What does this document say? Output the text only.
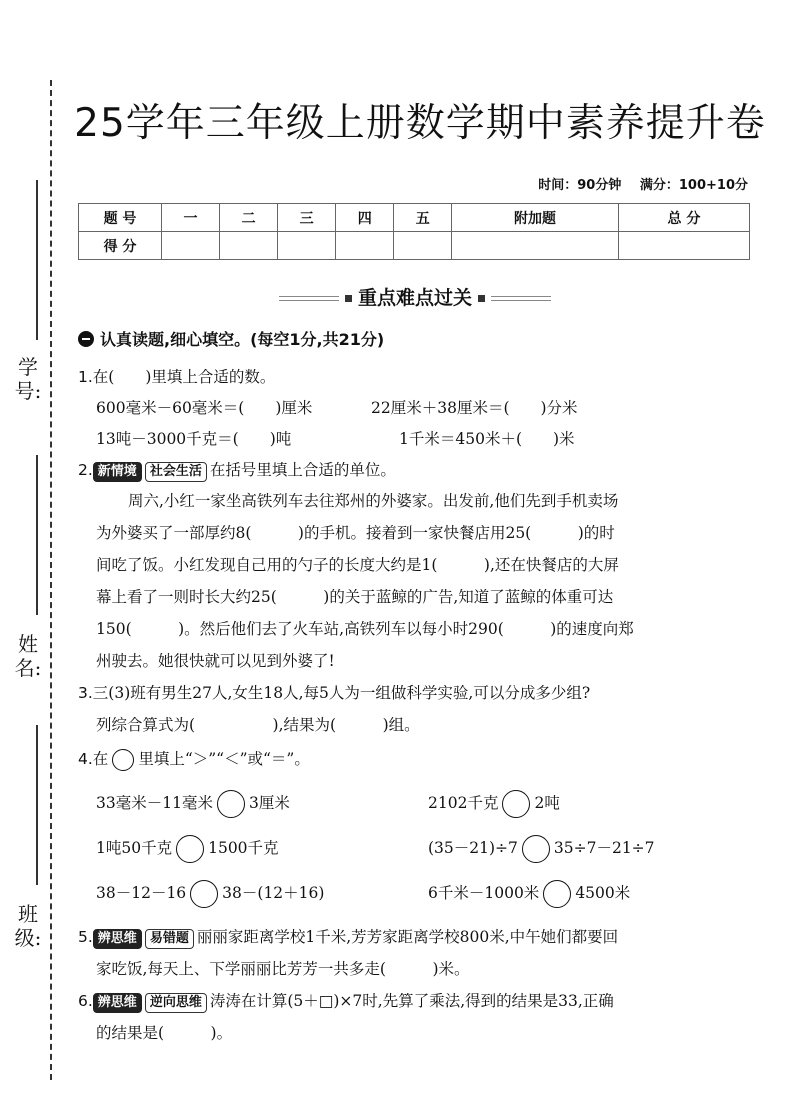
学号:
姓名:
班级:
25学年三年级上册数学期中素养提升卷
时间：90分钟 满分：100+10分
题 号	一	二	三	四	五	附加题	总 分
得 分							
重点难点过关
认真读题,细心填空。(每空1分,共21分)
1.在(　　)里填上合适的数。
600毫米－60毫米＝(　　)厘米	22厘米＋38厘米＝(　　)分米
13吨－3000千克＝(　　)吨	1千米＝450米＋(　　)米
2. 新情境 社会生活 在括号里填上合适的单位。
周六,小红一家坐高铁列车去往郑州的外婆家。出发前,他们先到手机卖场
为外婆买了一部厚约8(　　　)的手机。接着到一家快餐店用25(　　　)的时
间吃了饭。小红发现自己用的勺子的长度大约是1(　　　),还在快餐店的大屏
幕上看了一则时长大约25(　　　)的关于蓝鲸的广告,知道了蓝鲸的体重可达
150(　　　)。然后他们去了火车站,高铁列车以每小时290(　　　)的速度向郑
州驶去。她很快就可以见到外婆了!
3.三(3)班有男生27人,女生18人,每5人为一组做科学实验,可以分成多少组?
列综合算式为(　　　　　),结果为(　　　)组。
4.在 里填上“＞”“＜”或“＝”。
33毫米－11毫米 3厘米	2102千克 2吨
1吨50千克 1500千克	(35－21)÷7 35÷7－21÷7
38－12－16 38－(12＋16)	6千米－1000米 4500米
5. 辨思维 易错题 丽丽家距离学校1千米,芳芳家距离学校800米,中午她们都要回
家吃饭,每天上、下学丽丽比芳芳一共多走(　　　)米。
6. 辨思维 逆向思维 涛涛在计算(5＋□)×7时,先算了乘法,得到的结果是33,正确
的结果是(　　　)。
